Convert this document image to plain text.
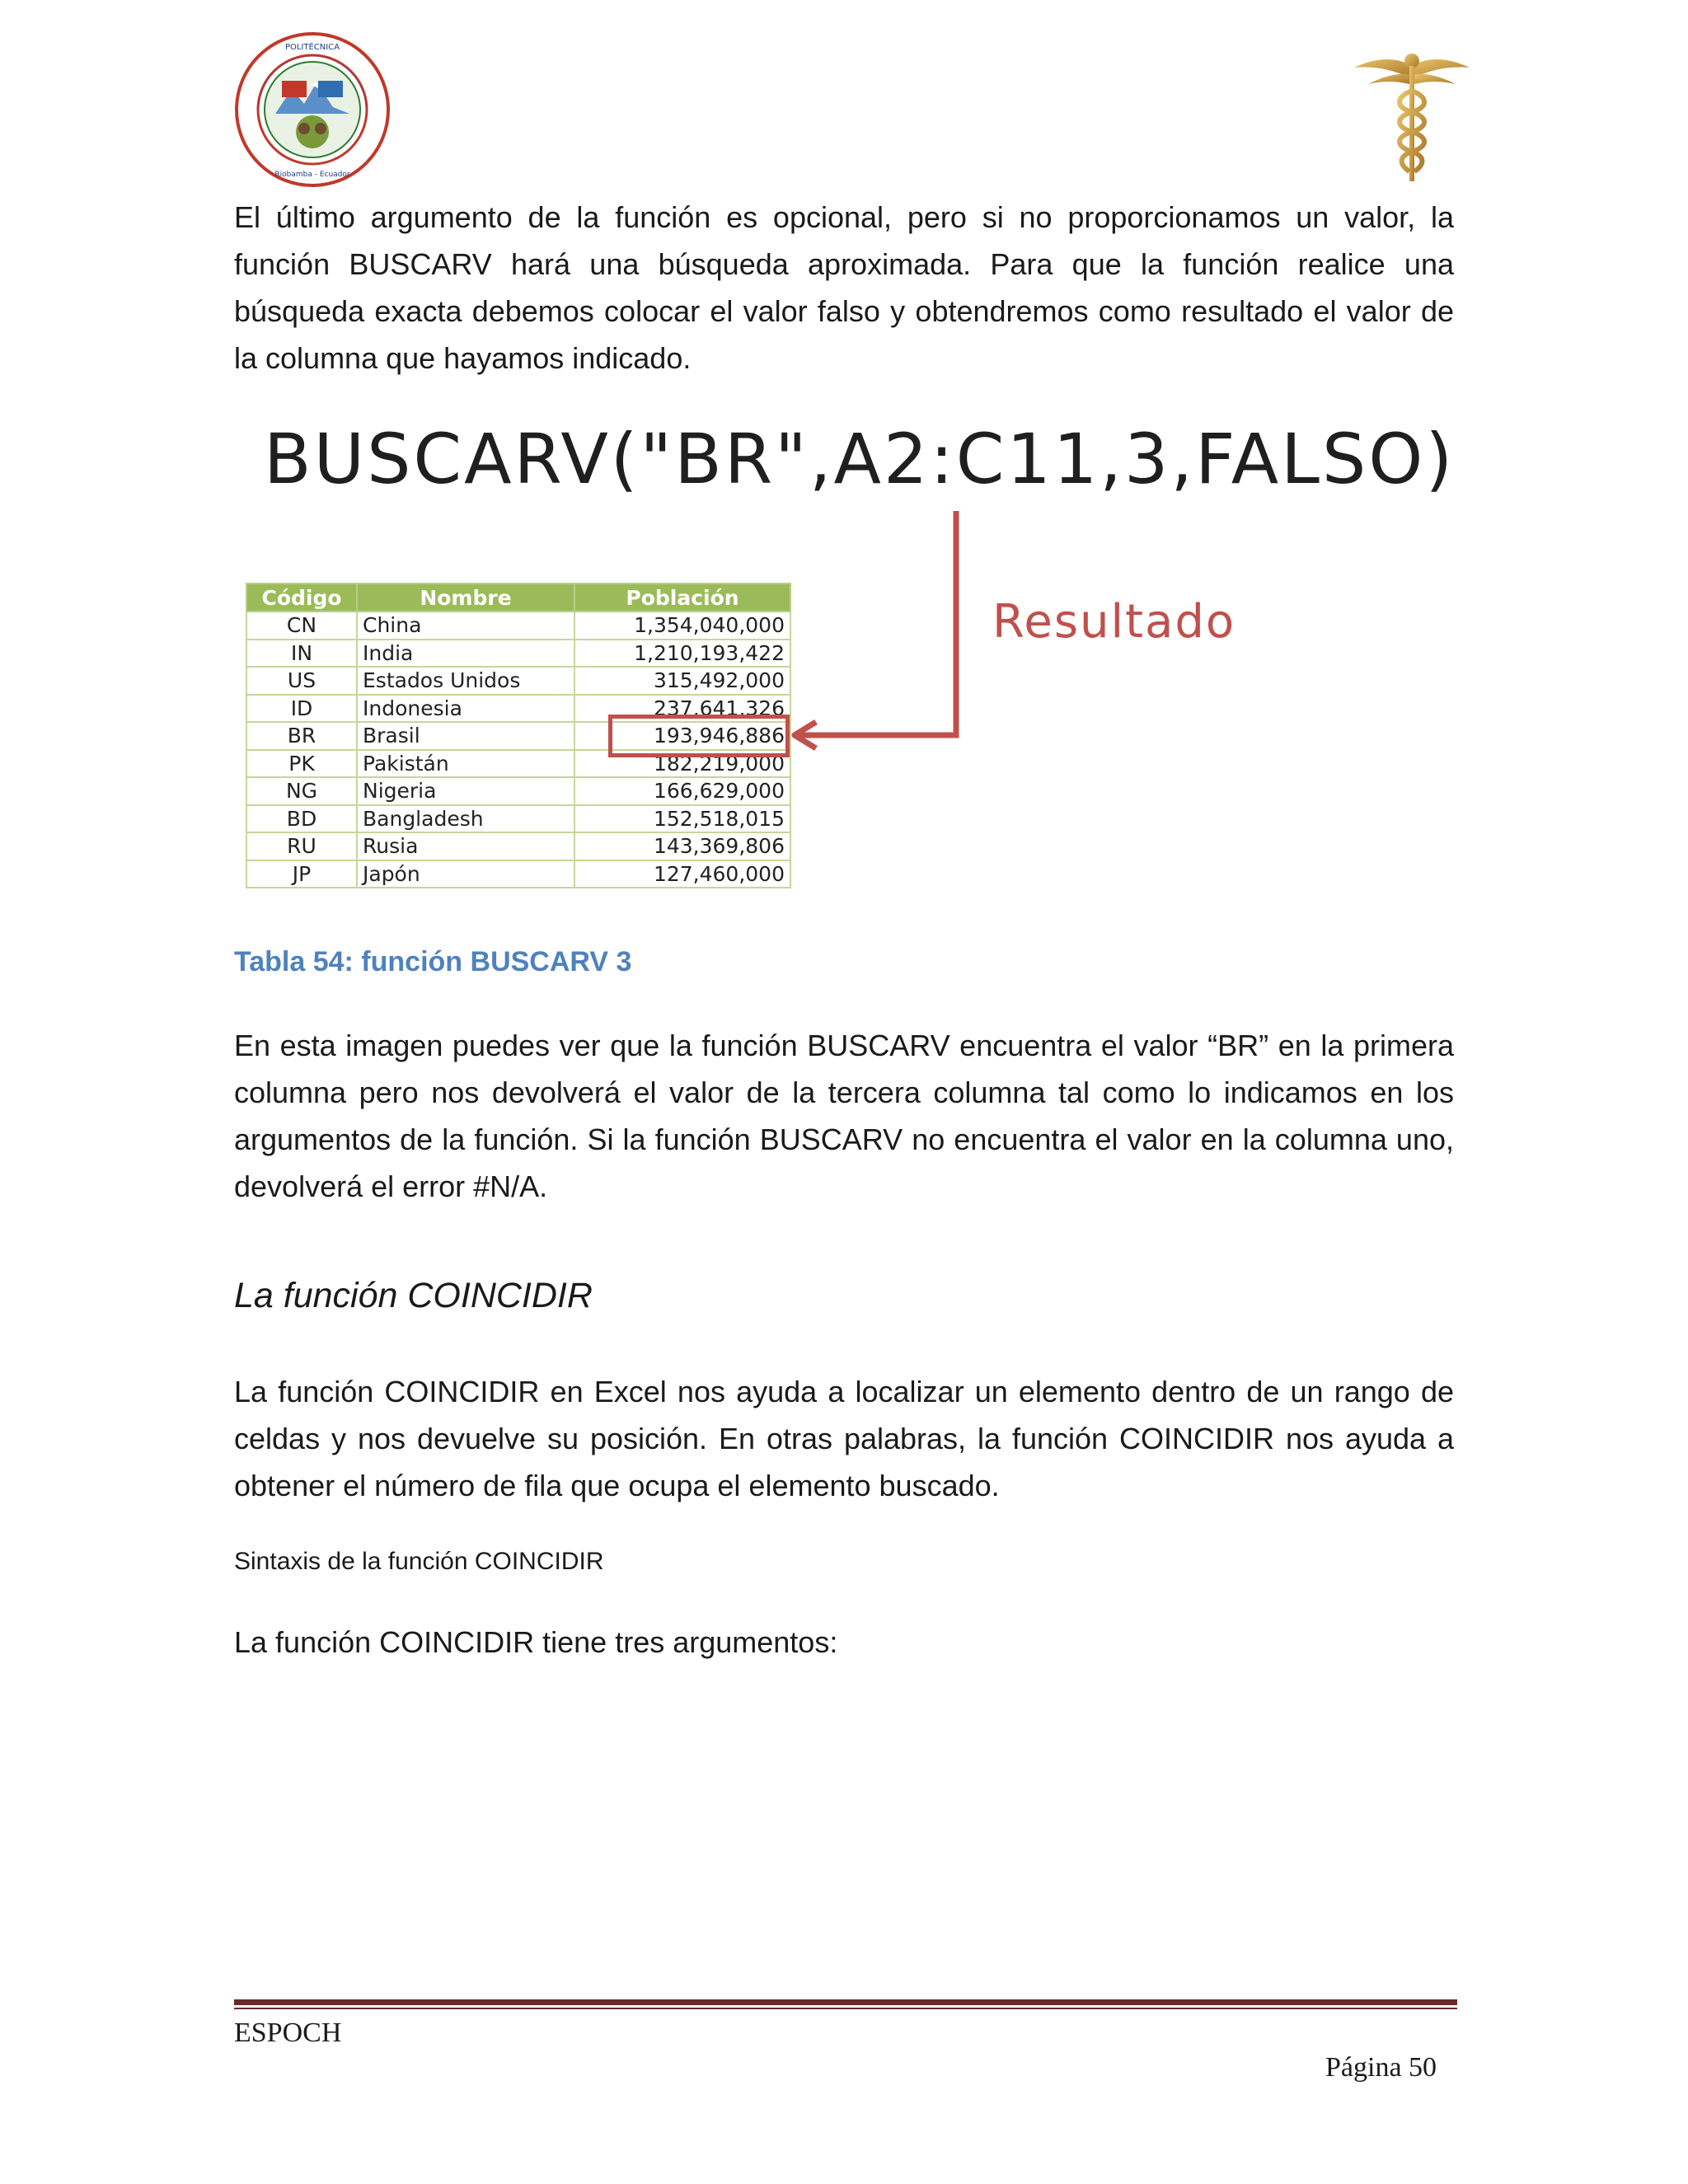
POLITÉCNICA
Riobamba - Ecuador

El último argumento de la función es opcional, pero si no proporcionamos un valor, la función BUSCARV hará una búsqueda aproximada. Para que la función realice una búsqueda exacta debemos colocar el valor falso y obtendremos como resultado el valor de la columna que hayamos indicado.

BUSCARV("BR",A2:C11,3,FALSO)
Código	Nombre	Población
CN	China	1,354,040,000
IN	India	1,210,193,422
US	Estados Unidos	315,492,000
ID	Indonesia	237,641,326
BR	Brasil	193,946,886
PK	Pakistán	182,219,000
NG	Nigeria	166,629,000
BD	Bangladesh	152,518,015
RU	Rusia	143,369,806
JP	Japón	127,460,000
Resultado
Tabla 54: función BUSCARV 3

En esta imagen puedes ver que la función BUSCARV encuentra el valor “BR” en la primera columna pero nos devolverá el valor de la tercera columna tal como lo indicamos en los argumentos de la función. Si la función BUSCARV no encuentra el valor en la columna uno, devolverá el error #N/A.

La función COINCIDIR

La función COINCIDIR en Excel nos ayuda a localizar un elemento dentro de un rango de celdas y nos devuelve su posición. En otras palabras, la función COINCIDIR nos ayuda a obtener el número de fila que ocupa el elemento buscado.

Sintaxis de la función COINCIDIR
La función COINCIDIR tiene tres argumentos:
ESPOCH
Página 50
